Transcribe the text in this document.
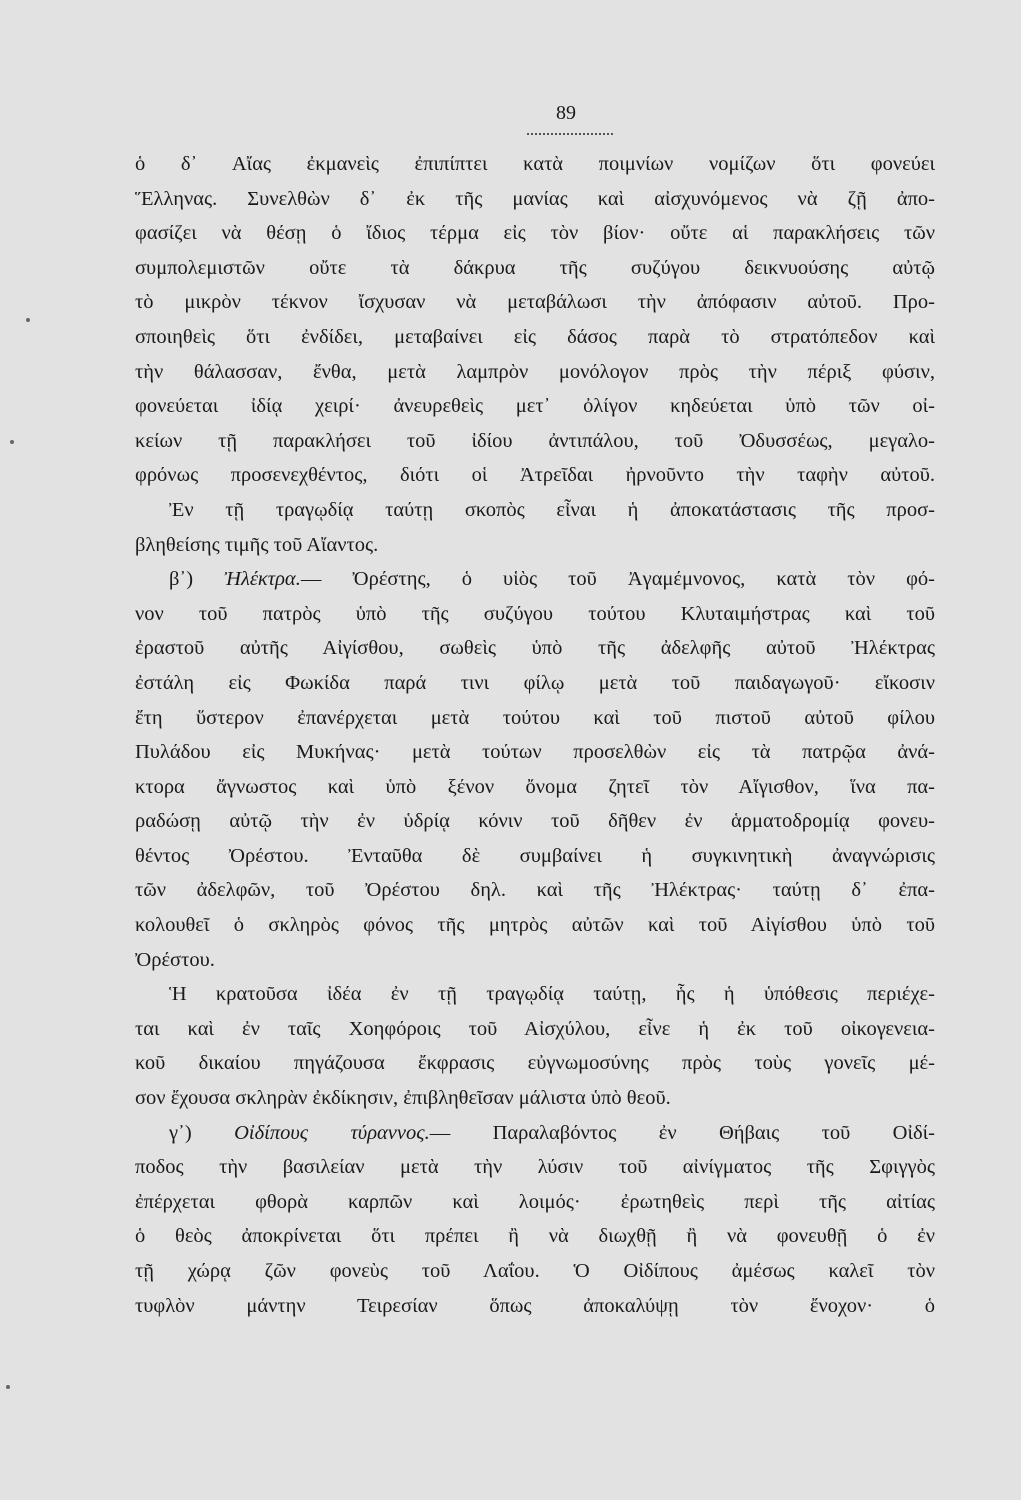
89
ὁ δ᾽ Αἴας ἐκμανεὶς ἐπιπίπτει κατὰ ποιμνίων νομίζων ὅτι φονεύει
Ἕλληνας. Συνελθὼν δ᾽ ἐκ τῆς μανίας καὶ αἰσχυνόμενος νὰ ζῇ ἀπο-
φασίζει νὰ θέσῃ ὁ ἴδιος τέρμα εἰς τὸν βίον· οὔτε αἱ παρακλήσεις τῶν
συμπολεμιστῶν οὔτε τὰ δάκρυα τῆς συζύγου δεικνυούσης αὐτῷ
τὸ μικρὸν τέκνον ἴσχυσαν νὰ μεταβάλωσι τὴν ἀπόφασιν αὐτοῦ. Προ-
σποιηθεὶς ὅτι ἐνδίδει, μεταβαίνει εἰς δάσος παρὰ τὸ στρατόπεδον καὶ
τὴν θάλασσαν, ἔνθα, μετὰ λαμπρὸν μονόλογον πρὸς τὴν πέριξ φύσιν,
φονεύεται ἰδίᾳ χειρί· ἀνευρεθεὶς μετ᾽ ὀλίγον κηδεύεται ὑπὸ τῶν οἰ-
κείων τῇ παρακλήσει τοῦ ἰδίου ἀντιπάλου, τοῦ Ὀδυσσέως, μεγαλο-
φρόνως προσενεχθέντος, διότι οἱ Ἀτρεῖδαι ἠρνοῦντο τὴν ταφὴν αὐτοῦ.
Ἐν τῇ τραγῳδίᾳ ταύτῃ σκοπὸς εἶναι ἡ ἀποκατάστασις τῆς προσ-
βληθείσης τιμῆς τοῦ Αἴαντος.
β᾽) Ἠλέκτρα.— Ὀρέστης, ὁ υἱὸς τοῦ Ἀγαμέμνονος, κατὰ τὸν φό-
νον τοῦ πατρὸς ὑπὸ τῆς συζύγου τούτου Κλυταιμήστρας καὶ τοῦ
ἐραστοῦ αὐτῆς Αἰγίσθου, σωθεὶς ὑπὸ τῆς ἀδελφῆς αὐτοῦ Ἠλέκτρας
ἐστάλη εἰς Φωκίδα παρά τινι φίλῳ μετὰ τοῦ παιδαγωγοῦ· εἴκοσιν
ἔτη ὕστερον ἐπανέρχεται μετὰ τούτου καὶ τοῦ πιστοῦ αὐτοῦ φίλου
Πυλάδου εἰς Μυκήνας· μετὰ τούτων προσελθὼν εἰς τὰ πατρῷα ἀνά-
κτορα ἄγνωστος καὶ ὑπὸ ξένον ὄνομα ζητεῖ τὸν Αἴγισθον, ἵνα πα-
ραδώσῃ αὐτῷ τὴν ἐν ὑδρίᾳ κόνιν τοῦ δῆθεν ἐν ἁρματοδρομίᾳ φονευ-
θέντος Ὀρέστου. Ἐνταῦθα δὲ συμβαίνει ἡ συγκινητικὴ ἀναγνώρισις
τῶν ἀδελφῶν, τοῦ Ὀρέστου δηλ. καὶ τῆς Ἠλέκτρας· ταύτῃ δ᾽ ἐπα-
κολουθεῖ ὁ σκληρὸς φόνος τῆς μητρὸς αὐτῶν καὶ τοῦ Αἰγίσθου ὑπὸ τοῦ
Ὀρέστου.
Ἡ κρατοῦσα ἰδέα ἐν τῇ τραγῳδίᾳ ταύτῃ, ἧς ἡ ὑπόθεσις περιέχε-
ται καὶ ἐν ταῖς Χοηφόροις τοῦ Αἰσχύλου, εἶνε ἡ ἐκ τοῦ οἰκογενεια-
κοῦ δικαίου πηγάζουσα ἔκφρασις εὐγνωμοσύνης πρὸς τοὺς γονεῖς μέ-
σον ἔχουσα σκληρὰν ἐκδίκησιν, ἐπιβληθεῖσαν μάλιστα ὑπὸ θεοῦ.
γ᾽) Οἰδίπους τύραννος.— Παραλαβόντος ἐν Θήβαις τοῦ Οἰδί-
ποδος τὴν βασιλείαν μετὰ τὴν λύσιν τοῦ αἰνίγματος τῆς Σφιγγὸς
ἐπέρχεται φθορὰ καρπῶν καὶ λοιμός· ἐρωτηθεὶς περὶ τῆς αἰτίας
ὁ θεὸς ἀποκρίνεται ὅτι πρέπει ἢ νὰ διωχθῇ ἢ νὰ φονευθῇ ὁ ἐν
τῇ χώρᾳ ζῶν φονεὺς τοῦ Λαΐου. Ὁ Οἰδίπους ἀμέσως καλεῖ τὸν
τυφλὸν μάντην Τειρεσίαν ὅπως ἀποκαλύψῃ τὸν ἔνοχον· ὁ
